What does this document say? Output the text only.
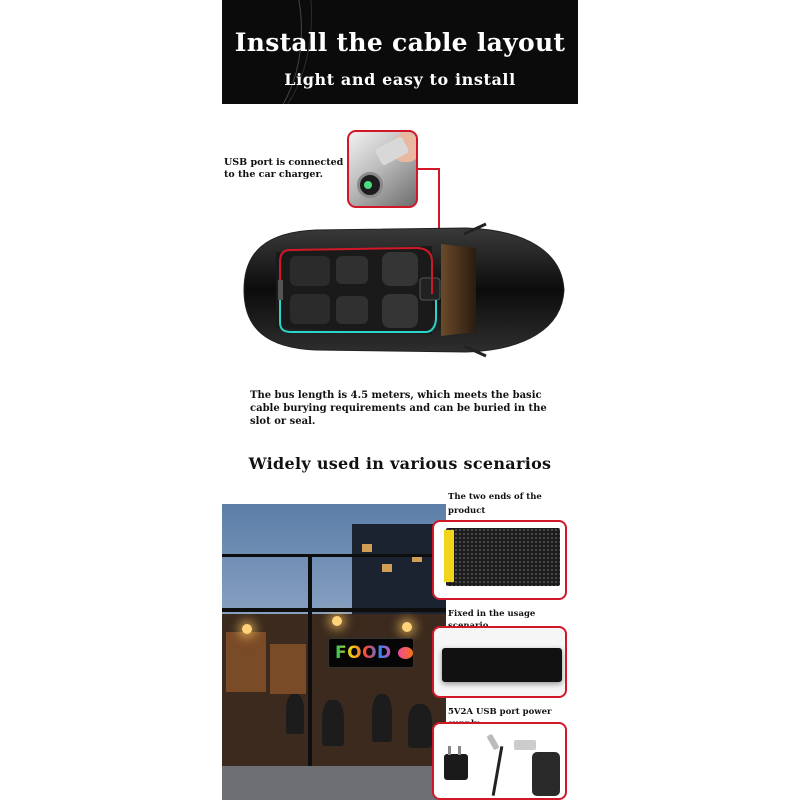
Install the cable layout
Light and easy to install
USB port is connected
to the car charger.
The bus length is 4.5 meters, which meets the basic
cable burying requirements and can be buried in the
slot or seal.
Widely used in various scenarios
FOOD
The two ends of the product
Fixed in the usage
5V2A USB port power
